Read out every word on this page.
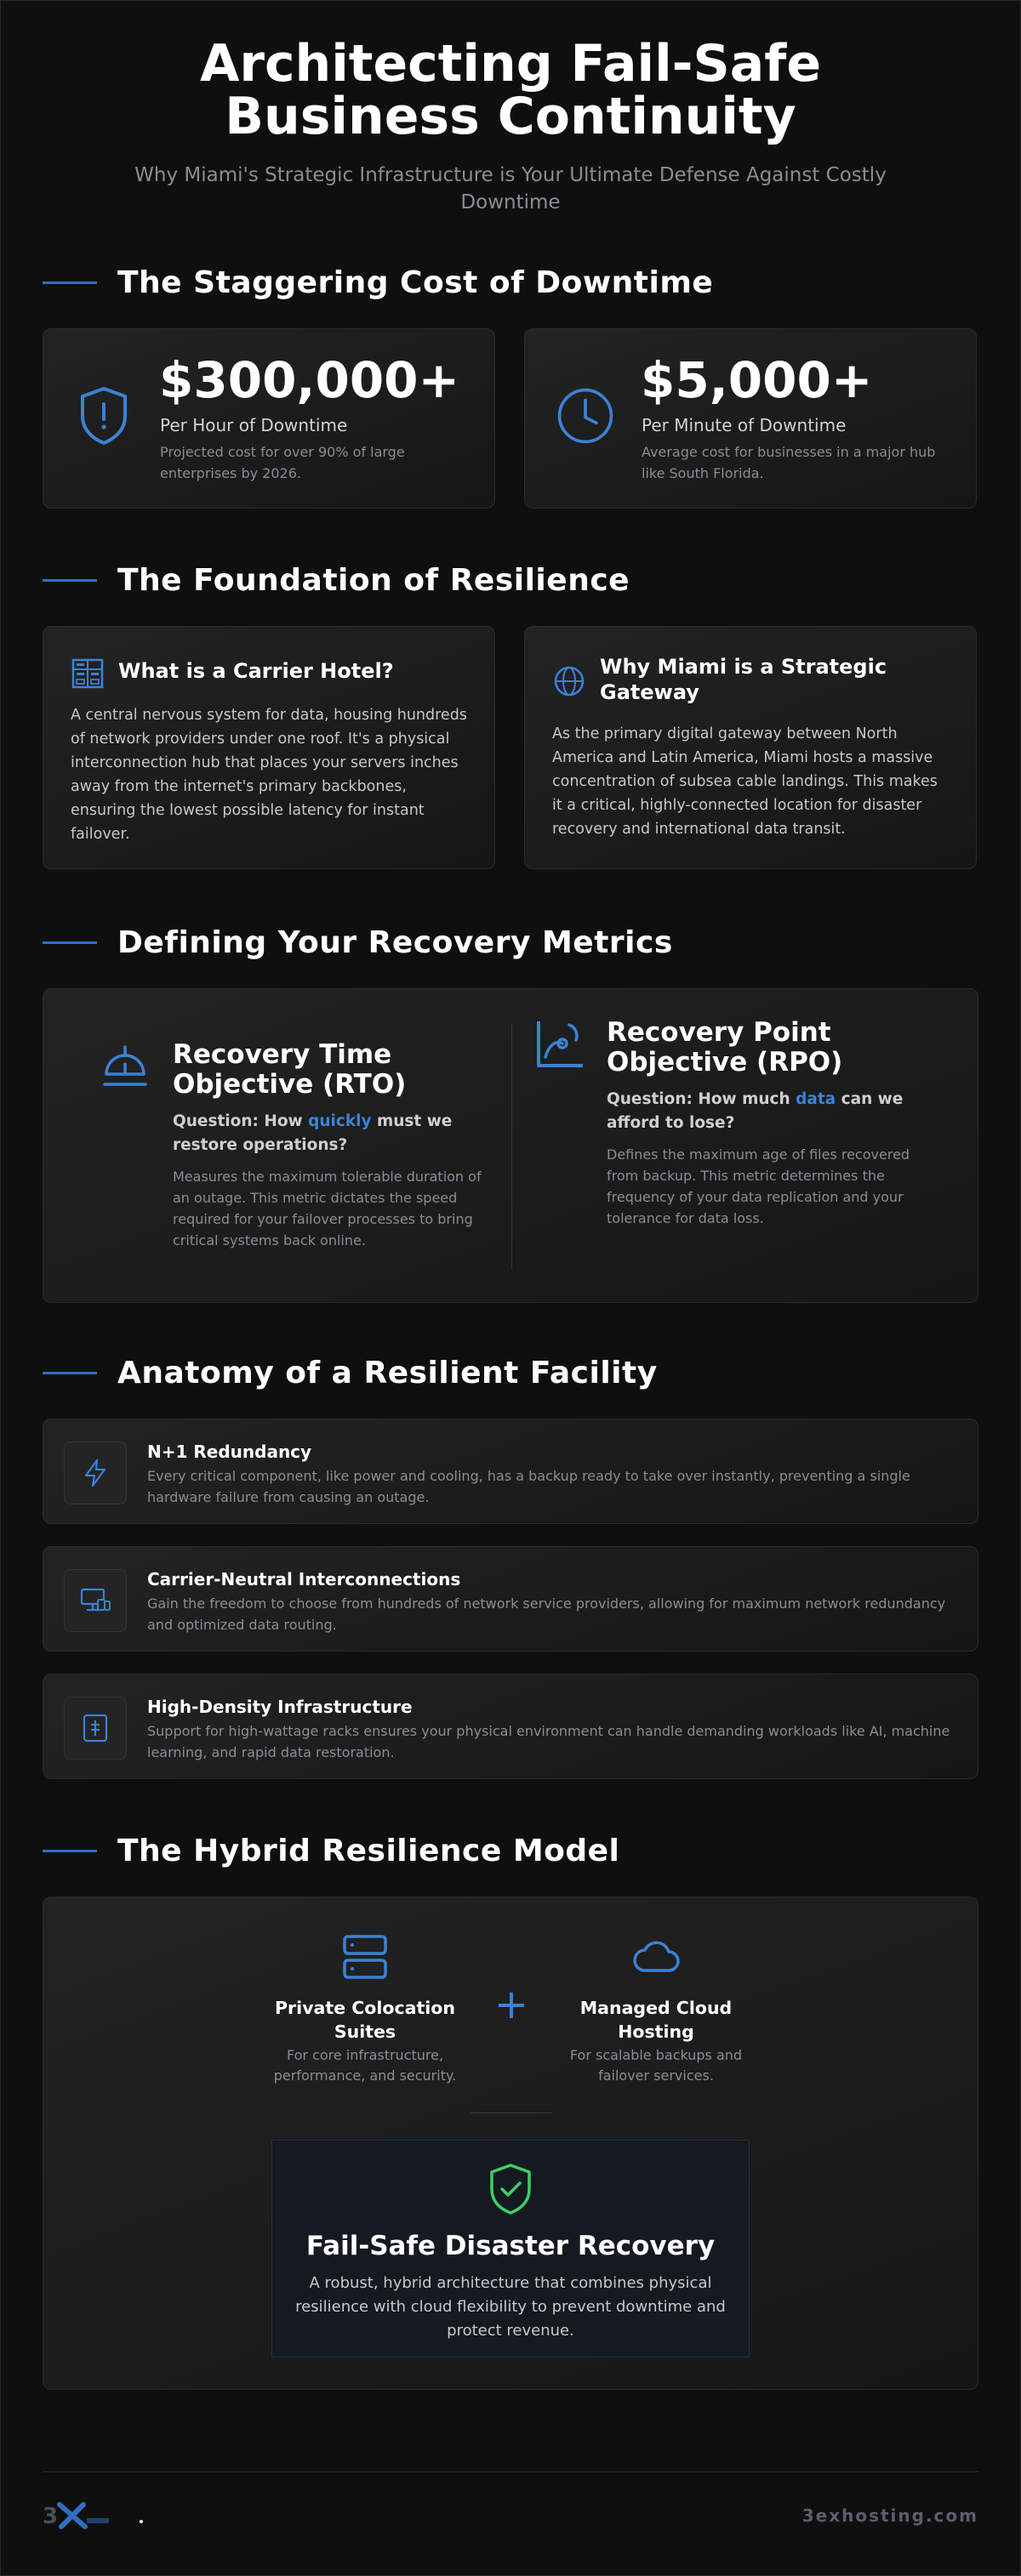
Architecting Fail-Safe Business Continuity
Why Miami's Strategic Infrastructure is Your Ultimate Defense Against Costly Downtime
The Staggering Cost of Downtime
$300,000+
Per Hour of Downtime
Projected cost for over 90% of large enterprises by 2026.
$5,000+
Per Minute of Downtime
Average cost for businesses in a major hub like South Florida.
The Foundation of Resilience
What is a Carrier Hotel?
A central nervous system for data, housing hundreds of network providers under one roof. It's a physical interconnection hub that places your servers inches away from the internet's primary backbones, ensuring the lowest possible latency for instant failover.
Why Miami is a Strategic Gateway
As the primary digital gateway between North America and Latin America, Miami hosts a massive concentration of subsea cable landings. This makes it a critical, highly-connected location for disaster recovery and international data transit.
Defining Your Recovery Metrics
Recovery Time Objective (RTO)
Question: How quickly must we restore operations?
Measures the maximum tolerable duration of an outage. This metric dictates the speed required for your failover processes to bring critical systems back online.
Recovery Point Objective (RPO)
Question: How much data can we afford to lose?
Defines the maximum age of files recovered from backup. This metric determines the frequency of your data replication and your tolerance for data loss.
Anatomy of a Resilient Facility
N+1 Redundancy
Every critical component, like power and cooling, has a backup ready to take over instantly, preventing a single hardware failure from causing an outage.
Carrier-Neutral Interconnections
Gain the freedom to choose from hundreds of network service providers, allowing for maximum network redundancy and optimized data routing.
High-Density Infrastructure
Support for high-wattage racks ensures your physical environment can handle demanding workloads like AI, machine learning, and rapid data restoration.
The Hybrid Resilience Model
Private Colocation Suites
For core infrastructure, performance, and security.
+	Managed Cloud Hosting
For scalable backups and failover services.
Fail-Safe Disaster Recovery
A robust, hybrid architecture that combines physical resilience with cloud flexibility to prevent downtime and protect revenue.
3	3exhosting.com
